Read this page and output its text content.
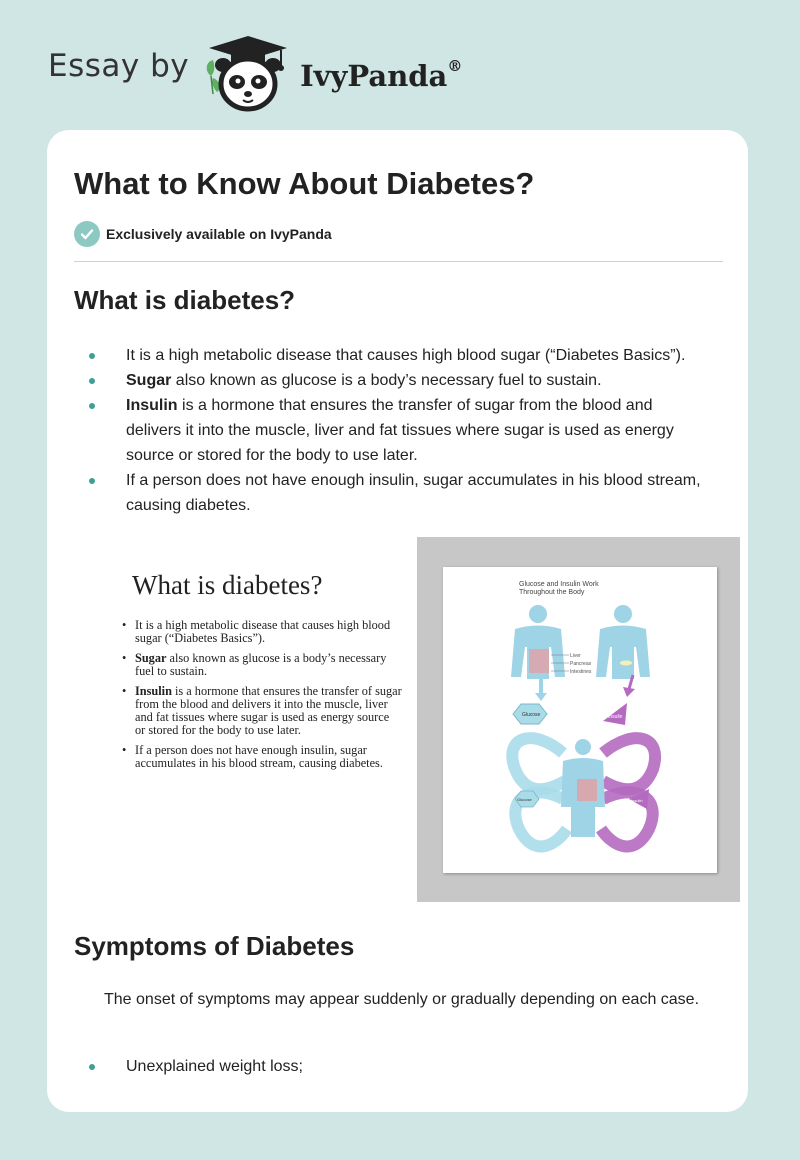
Essay by	IvyPanda®
What to Know About Diabetes?
Exclusively available on IvyPanda
What is diabetes?
It is a high metabolic disease that causes high blood sugar (“Diabetes Basics”).
Sugar also known as glucose is a body’s necessary fuel to sustain.
Insulin is a hormone that ensures the transfer of sugar from the blood and delivers it into the muscle, liver and fat tissues where sugar is used as energy source or stored for the body to use later.
If a person does not have enough insulin, sugar accumulates in his blood stream, causing diabetes.
What is diabetes?
• It is a high metabolic disease that causes high blood sugar (“Diabetes Basics”).
• Sugar also known as glucose is a body’s necessary fuel to sustain.
• Insulin is a hormone that ensures the transfer of sugar from the blood and delivers it into the muscle, liver and fat tissues where sugar is used as energy source or stored for the body to use later.
• If a person does not have enough insulin, sugar accumulates in his blood stream, causing diabetes.
Glucose and Insulin Work
Throughout the Body
Liver
Pancreas
Intestines
Glucose	Insulin
Glucose	Insulin
Symptoms of Diabetes

The onset of symptoms may appear suddenly or gradually depending on each case.

Unexplained weight loss;
